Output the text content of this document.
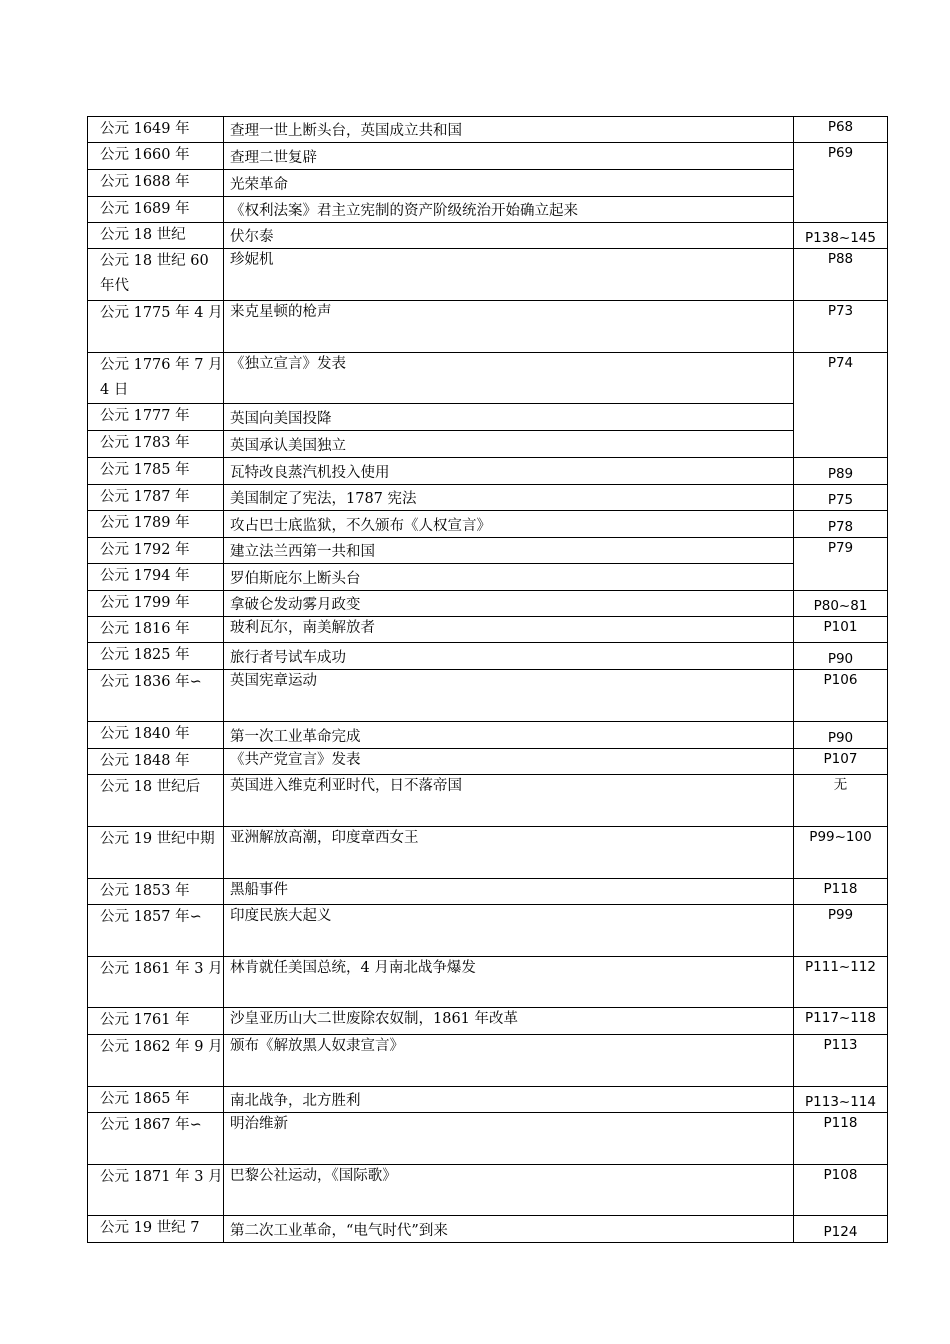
公元 1649 年	查理一世上断头台，英国成立共和国	P68

公元 1660 年	查理二世复辟	P69

公元 1688 年	光荣革命	

公元 1689 年	《权利法案》君主立宪制的资产阶级统治开始确立起来	

公元 18 世纪	伏尔泰	P138~145

公元 18 世纪 60 年代	珍妮机	P88

公元 1775 年 4 月	来克星顿的枪声	P73

公元 1776 年 7 月 4 日	《独立宣言》发表	P74

公元 1777 年	英国向美国投降	

公元 1783 年	英国承认美国独立	

公元 1785 年	瓦特改良蒸汽机投入使用	P89

公元 1787 年	美国制定了宪法，1787 宪法	P75

公元 1789 年	攻占巴士底监狱，不久颁布《人权宣言》	P78

公元 1792 年	建立法兰西第一共和国	P79

公元 1794 年	罗伯斯庇尔上断头台	

公元 1799 年	拿破仑发动雾月政变	P80~81

公元 1816 年	玻利瓦尔，南美解放者	P101

公元 1825 年	旅行者号试车成功	P90

公元 1836 年∽	英国宪章运动	P106

公元 1840 年	第一次工业革命完成	P90

公元 1848 年	《共产党宣言》发表	P107

公元 18 世纪后	英国进入维克利亚时代，日不落帝国	无

公元 19 世纪中期	亚洲解放高潮，印度章西女王	P99~100

公元 1853 年	黑船事件	P118

公元 1857 年∽	印度民族大起义	P99

公元 1861 年 3 月	林肯就任美国总统，4 月南北战争爆发	P111~112

公元 1761 年	沙皇亚历山大二世废除农奴制，1861 年改革	P117~118

公元 1862 年 9 月	颁布《解放黑人奴隶宣言》	P113

公元 1865 年	南北战争，北方胜利	P113~114

公元 1867 年∽	明治维新	P118

公元 1871 年 3 月	巴黎公社运动，《国际歌》	P108

公元 19 世纪 7	第二次工业革命，“电气时代”到来	P124
